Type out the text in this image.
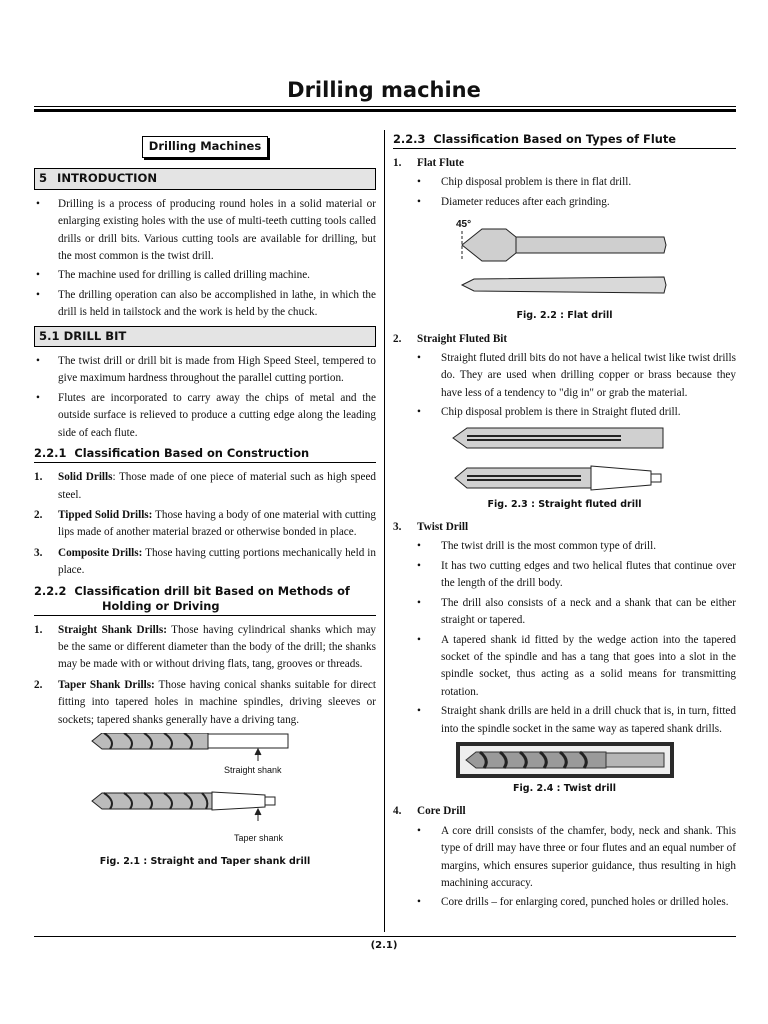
Drilling machine
Drilling Machines
5 INTRODUCTION
• Drilling is a process of producing round holes in a solid material or enlarging existing holes with the use of multi-teeth cutting tools called drills or drill bits. Various cutting tools are available for drilling, but the most common is the twist drill.
• The machine used for drilling is called drilling machine.
• The drilling operation can also be accomplished in lathe, in which the drill is held in tailstock and the work is held by the chuck.
5.1 DRILL BIT
• The twist drill or drill bit is made from High Speed Steel, tempered to give maximum hardness throughout the parallel cutting portion.
• Flutes are incorporated to carry away the chips of metal and the outside surface is relieved to produce a cutting edge along the leading side of each flute.
2.2.1 Classification Based on Construction
1. Solid Drills: Those made of one piece of material such as high speed steel.
2. Tipped Solid Drills: Those having a body of one material with cutting lips made of another material brazed or otherwise bonded in place.
3. Composite Drills: Those having cutting portions mechanically held in place.
2.2.2 Classification drill bit Based on Methods of
Holding or Driving
1. Straight Shank Drills: Those having cylindrical shanks which may be the same or different diameter than the body of the drill; the shanks may be made with or without driving flats, tang, grooves or threads.
2. Taper Shank Drills: Those having conical shanks suitable for direct fitting into tapered holes in machine spindles, driving sleeves or sockets; tapered shanks generally have a driving tang.
Straight shank
Taper shank
Fig. 2.1 : Straight and Taper shank drill
2.2.3 Classification Based on Types of Flute
1. Flat Flute
• Chip disposal problem is there in flat drill.
• Diameter reduces after each grinding.
45°
Fig. 2.2 : Flat drill
2. Straight Fluted Bit
• Straight fluted drill bits do not have a helical twist like twist drills do. They are used when drilling copper or brass because they have less of a tendency to "dig in" or grab the material.
• Chip disposal problem is there in Straight fluted drill.
Fig. 2.3 : Straight fluted drill
3. Twist Drill
• The twist drill is the most common type of drill.
• It has two cutting edges and two helical flutes that continue over the length of the drill body.
• The drill also consists of a neck and a shank that can be either straight or tapered.
• A tapered shank id fitted by the wedge action into the tapered socket of the spindle and has a tang that goes into a slot in the spindle socket, thus acting as a solid means for transmitting rotation.
• Straight shank drills are held in a drill chuck that is, in turn, fitted into the spindle socket in the same way as tapered shank drills.
Fig. 2.4 : Twist drill
4. Core Drill
• A core drill consists of the chamfer, body, neck and shank. This type of drill may have three or four flutes and an equal number of margins, which ensures superior guidance, thus resulting in high machining accuracy.
• Core drills – for enlarging cored, punched holes or drilled holes.
(2.1)
